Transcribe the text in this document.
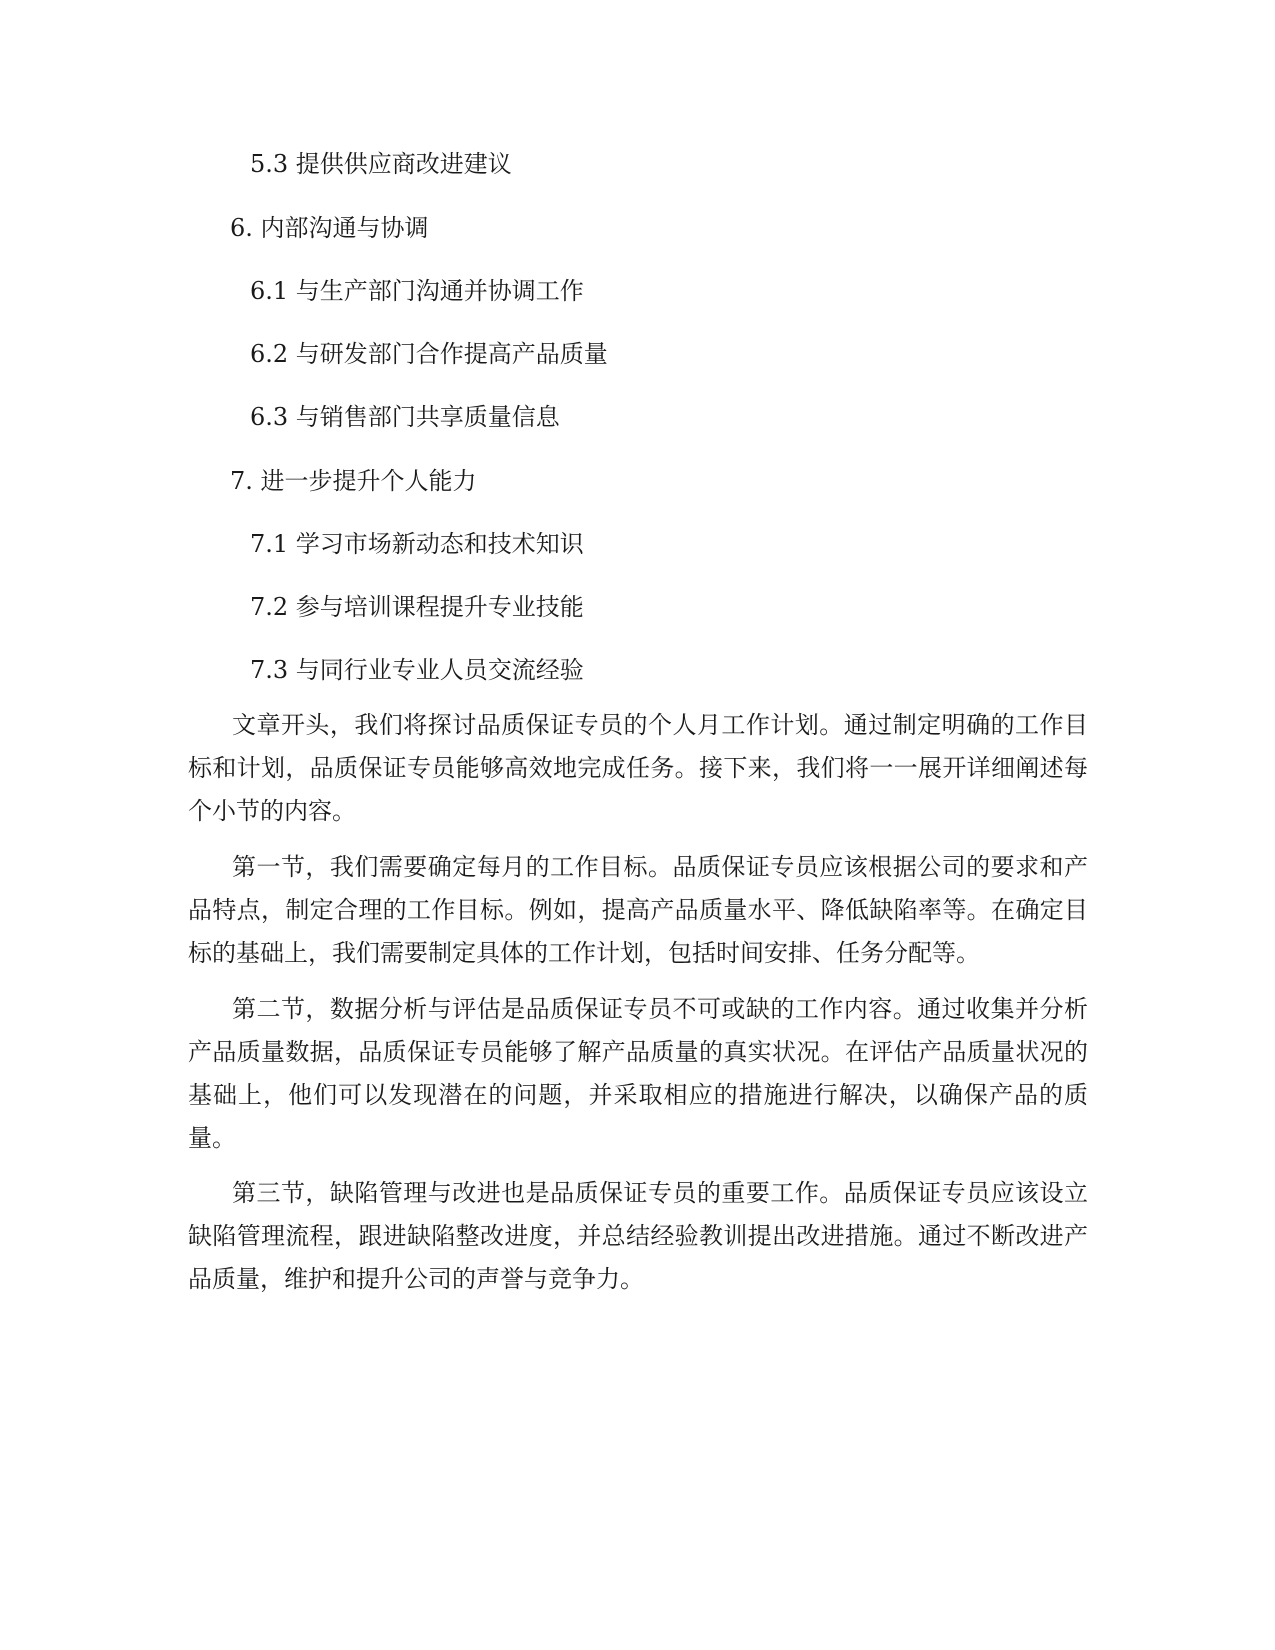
5.3 提供供应商改进建议
6. 内部沟通与协调
6.1 与生产部门沟通并协调工作
6.2 与研发部门合作提高产品质量
6.3 与销售部门共享质量信息
7. 进一步提升个人能力
7.1 学习市场新动态和技术知识
7.2 参与培训课程提升专业技能
7.3 与同行业专业人员交流经验

文章开头，我们将探讨品质保证专员的个人月工作计划。通过制定明确的工作目标和计划，品质保证专员能够高效地完成任务。接下来，我们将一一展开详细阐述每个小节的内容。

第一节，我们需要确定每月的工作目标。品质保证专员应该根据公司的要求和产品特点，制定合理的工作目标。例如，提高产品质量水平、降低缺陷率等。在确定目标的基础上，我们需要制定具体的工作计划，包括时间安排、任务分配等。

第二节，数据分析与评估是品质保证专员不可或缺的工作内容。通过收集并分析产品质量数据，品质保证专员能够了解产品质量的真实状况。在评估产品质量状况的基础上，他们可以发现潜在的问题，并采取相应的措施进行解决，以确保产品的质量。

第三节，缺陷管理与改进也是品质保证专员的重要工作。品质保证专员应该设立缺陷管理流程，跟进缺陷整改进度，并总结经验教训提出改进措施。通过不断改进产品质量，维护和提升公司的声誉与竞争力。
